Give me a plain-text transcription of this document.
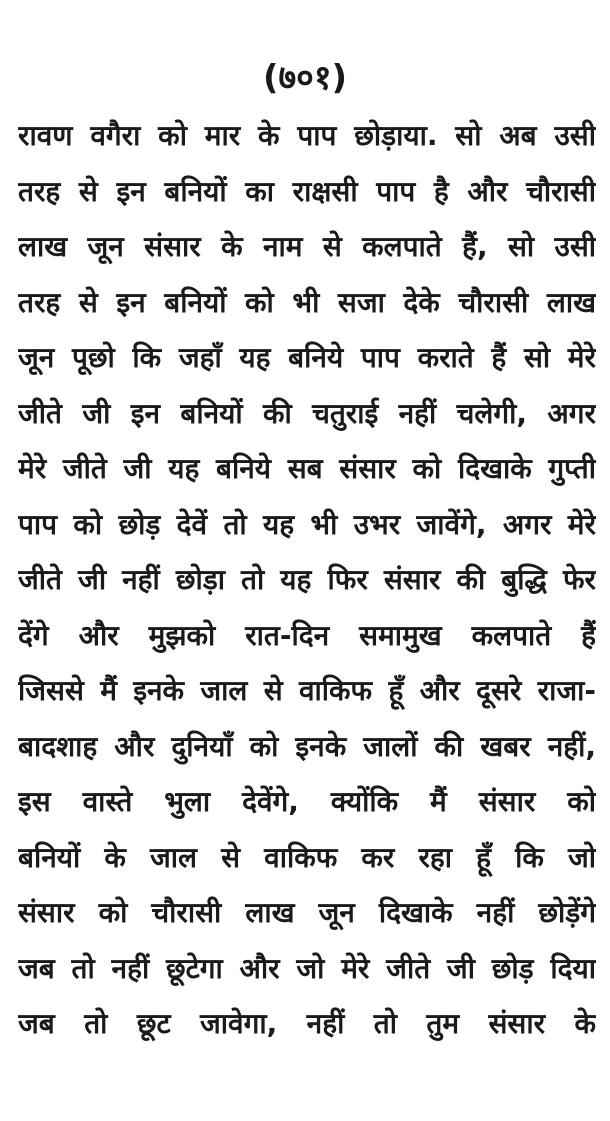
(७०१)
रावण वगैरा को मार के पाप छोड़ाया. सो अब उसी
तरह से इन बनियों का राक्षसी पाप है और चौरासी
लाख जून संसार के नाम से कलपाते हैं, सो उसी
तरह से इन बनियों को भी सजा देके चौरासी लाख
जून पूछो कि जहाँ यह बनिये पाप कराते हैं सो मेरे
जीते जी इन बनियों की चतुराई नहीं चलेगी, अगर
मेरे जीते जी यह बनिये सब संसार को दिखाके गुप्ती
पाप को छोड़ देवें तो यह भी उभर जावेंगे, अगर मेरे
जीते जी नहीं छोड़ा तो यह फिर संसार की बुद्धि फेर
देंगे और मुझको रात-दिन समामुख कलपाते हैं
जिससे मैं इनके जाल से वाकिफ हूँ और दूसरे राजा-
बादशाह और दुनियाँ को इनके जालों की खबर नहीं,
इस वास्ते भुला देवेंगे, क्योंकि मैं संसार को
बनियों के जाल से वाकिफ कर रहा हूँ कि जो
संसार को चौरासी लाख जून दिखाके नहीं छोड़ेंगे
जब तो नहीं छूटेगा और जो मेरे जीते जी छोड़ दिया
जब तो छूट जावेगा, नहीं तो तुम संसार के
